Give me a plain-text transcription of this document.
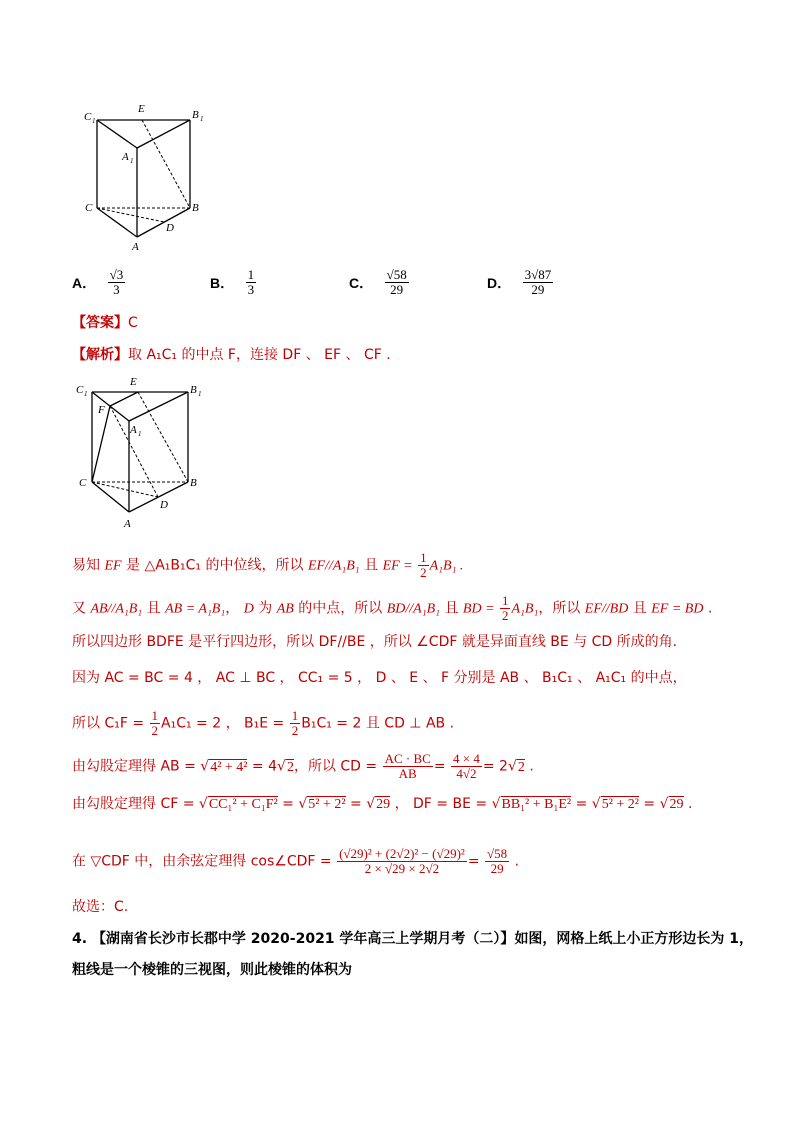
C 1
E	B 1
A 1
C	B
D
A
A． $\frac{√3}{3}$	B． $\frac{1}{3}$	C． $\frac{√58}{29}$	D． $\frac{3√87}{29}$
【答案】C
【解析】取 A₁C₁ 的中点 F，连接 DF 、 EF 、 CF .
C 1
E
B 1
F
A 1
C	B
D
A
易知 EF 是 △A₁B₁C₁ 的中位线，所以 EF//A₁B₁ 且 EF = $\frac{1}{2} A_1B_1$ .
又 AB//A₁B₁ 且 AB = A₁B₁， D 为 AB 的中点，所以 BD//A₁B₁ 且 BD = $\frac{1}{2} A_1B_1$，所以 EF//BD 且 EF = BD .
所以四边形 BDFE 是平行四边形，所以 DF//BE ，所以 ∠CDF 就是异面直线 BE 与 CD 所成的角.
因为 AC = BC = 4 ， AC ⊥ BC ， CC₁ = 5 ， D 、 E 、 F 分别是 AB 、 B₁C₁ 、 A₁C₁ 的中点，
所以 $C_1F = \frac{1}{2} A_1C_1 = 2$ ， $B_1E = \frac{1}{2} B_1C_1 = 2$ 且 CD ⊥ AB .
由勾股定理得 AB = √4² + 4² = 4√2，所以 CD = $\frac{AC \cdot BC}{AB} = \frac{4 \times 4}{4√2} = 2√2$ .
由勾股定理得 CF = √CC₁² + C₁F² = √5² + 2² = √29 ， DF = BE = √BB₁² + B₁E² = √5² + 2² = √29 .
在 ▽CDF 中，由余弦定理得 cos∠CDF = $\frac{\text{(√29)² + (2√2)² − (√29)²}}{2 \times √29 \times 2√2} = \frac{√58}{29}$ .
故选：C.
4. 【湖南省长沙市长郡中学 2020-2021 学年高三上学期月考（二）】如图，网格上纸上小正方形边长为 1，
粗线是一个棱锥的三视图，则此棱锥的体积为
